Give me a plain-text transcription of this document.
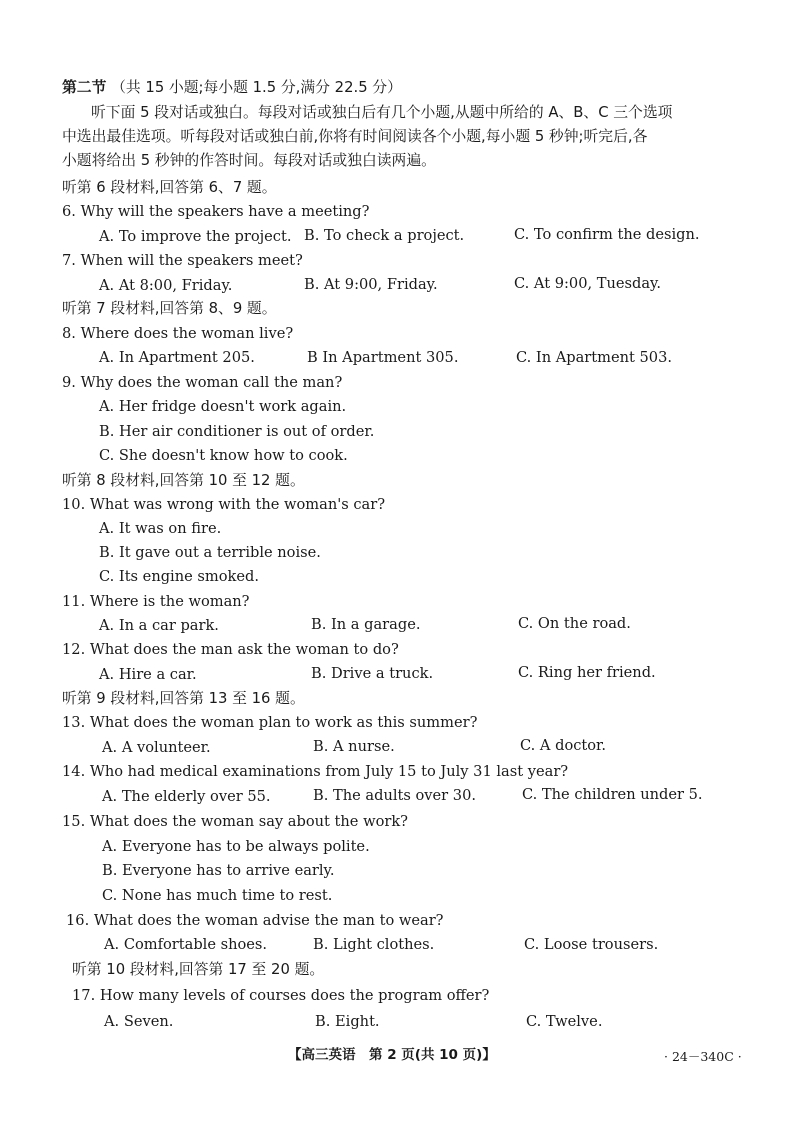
第二节 （共 15 小题;每小题 1.5 分,满分 22.5 分）
听下面 5 段对话或独白。每段对话或独白后有几个小题,从题中所给的 A、B、C 三个选项
中选出最佳选项。听每段对话或独白前,你将有时间阅读各个小题,每小题 5 秒钟;听完后,各
小题将给出 5 秒钟的作答时间。每段对话或独白读两遍。
听第 6 段材料,回答第 6、7 题。
6. Why will the speakers have a meeting?
A. To improve the project. B. To check a project.	C. To confirm the design.
7. When will the speakers meet?
A. At 8:00, Friday.	B. At 9:00, Friday.	C. At 9:00, Tuesday.
听第 7 段材料,回答第 8、9 题。
8. Where does the woman live?
A. In Apartment 205.	B In Apartment 305.	C. In Apartment 503.
9. Why does the woman call the man?
A. Her fridge doesn't work again.
B. Her air conditioner is out of order.
C. She doesn't know how to cook.
听第 8 段材料,回答第 10 至 12 题。
10. What was wrong with the woman's car?
A. It was on fire.
B. It gave out a terrible noise.
C. Its engine smoked.
11. Where is the woman?
A. In a car park.	B. In a garage.	C. On the road.
12. What does the man ask the woman to do?
A. Hire a car.	B. Drive a truck.	C. Ring her friend.
听第 9 段材料,回答第 13 至 16 题。
13. What does the woman plan to work as this summer?
A. A volunteer.	B. A nurse.	C. A doctor.
14. Who had medical examinations from July 15 to July 31 last year?
A. The elderly over 55.	B. The adults over 30.	C. The children under 5.
15. What does the woman say about the work?
A. Everyone has to be always polite.
B. Everyone has to arrive early.
C. None has much time to rest.
16. What does the woman advise the man to wear?
A. Comfortable shoes.	B. Light clothes.	C. Loose trousers.
听第 10 段材料,回答第 17 至 20 题。
17. How many levels of courses does the program offer?
A. Seven.	B. Eight.	C. Twelve.
【高三英语　第 2 页(共 10 页)】	· 24－340C ·
